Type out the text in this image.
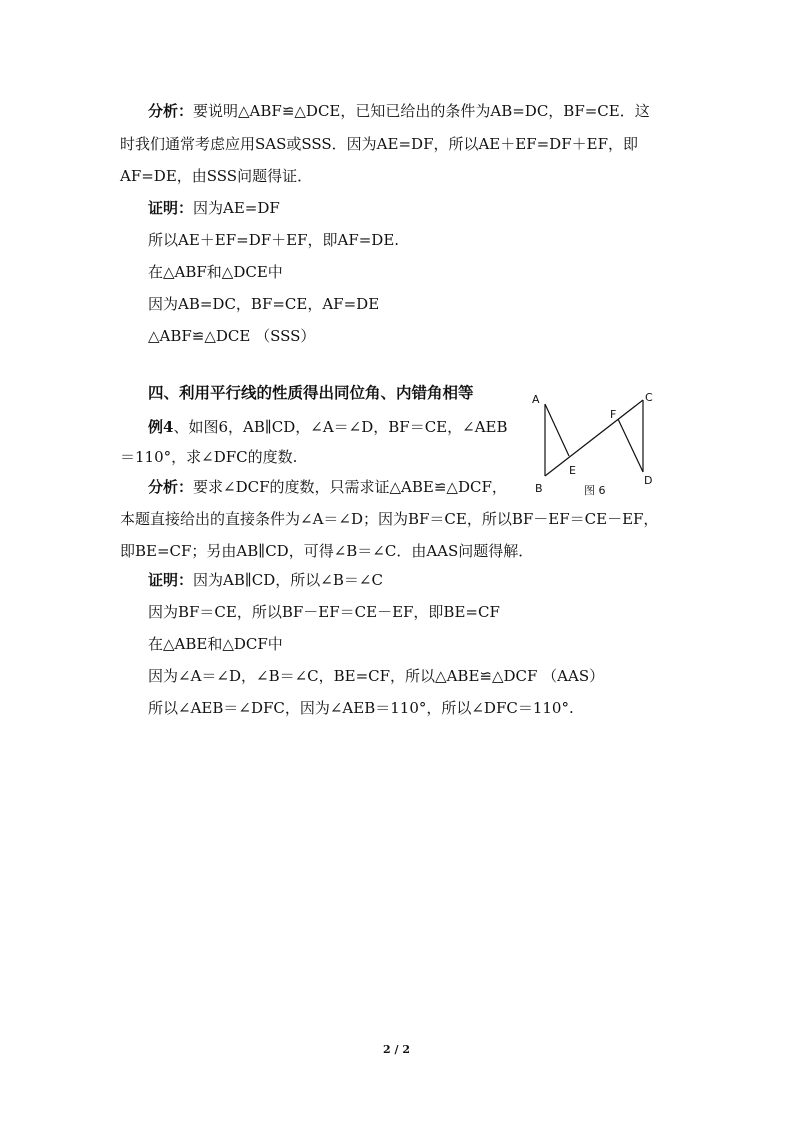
分析：要说明△ABF≌△DCE，已知已给出的条件为AB=DC，BF=CE．这
时我们通常考虑应用SAS或SSS．因为AE=DF，所以AE＋EF=DF＋EF，即
AF=DE，由SSS问题得证．
证明：因为AE=DF
所以AE＋EF=DF＋EF，即AF=DE.
在△ABF和△DCE中
因为AB=DC，BF=CE，AF=DE
△ABF≌△DCE （SSS）
四、利用平行线的性质得出同位角、内错角相等
例4、如图6，AB∥CD，∠A＝∠D，BF＝CE，∠AEB
＝110°，求∠DFC的度数.
分析：要求∠DCF的度数，只需求证△ABE≌△DCF，
本题直接给出的直接条件为∠A＝∠D；因为BF＝CE，所以BF－EF＝CE－EF，
即BE=CF；另由AB∥CD，可得∠B＝∠C．由AAS问题得解．
证明：因为AB∥CD，所以∠B＝∠C
因为BF＝CE，所以BF－EF＝CE－EF，即BE=CF
在△ABE和△DCF中
因为∠A＝∠D，∠B＝∠C，BE=CF，所以△ABE≌△DCF （AAS）
所以∠AEB＝∠DFC，因为∠AEB＝110°，所以∠DFC＝110°.
A
B
C
D
E
F
图 6
2 / 2
